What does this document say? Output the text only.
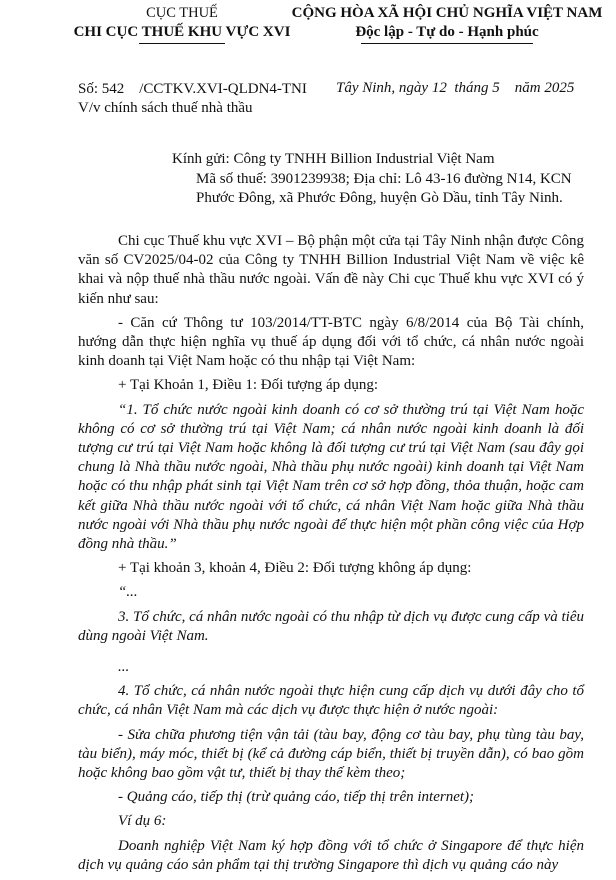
CỤC THUẾ
CHI CỤC THUẾ KHU VỰC XVI
CỘNG HÒA XÃ HỘI CHỦ NGHĨA VIỆT NAM
Độc lập - Tự do - Hạnh phúc
Số: 542    /CCTKV.XVI-QLDN4-TNI
V/v chính sách thuế nhà thầu
Tây Ninh, ngày 12  tháng 5    năm 2025
Kính gửi: Công ty TNHH Billion Industrial Việt Nam
Mã số thuế: 3901239938; Địa chỉ: Lô 43-16 đường N14, KCN
Phước Đông, xã Phước Đông, huyện Gò Dầu, tỉnh Tây Ninh.

Chi cục Thuế khu vực XVI – Bộ phận một cửa tại Tây Ninh nhận được Công văn số CV2025/04-02 của Công ty TNHH Billion Industrial Việt Nam về việc kê khai và nộp thuế nhà thầu nước ngoài. Vấn đề này Chi cục Thuế khu vực XVI có ý kiến như sau:

- Căn cứ Thông tư 103/2014/TT-BTC ngày 6/8/2014 của Bộ Tài chính, hướng dẫn thực hiện nghĩa vụ thuế áp dụng đối với tổ chức, cá nhân nước ngoài kinh doanh tại Việt Nam hoặc có thu nhập tại Việt Nam:

+ Tại Khoản 1, Điều 1: Đối tượng áp dụng:

“1. Tổ chức nước ngoài kinh doanh có cơ sở thường trú tại Việt Nam hoặc không có cơ sở thường trú tại Việt Nam; cá nhân nước ngoài kinh doanh là đối tượng cư trú tại Việt Nam hoặc không là đối tượng cư trú tại Việt Nam (sau đây gọi chung là Nhà thầu nước ngoài, Nhà thầu phụ nước ngoài) kinh doanh tại Việt Nam hoặc có thu nhập phát sinh tại Việt Nam trên cơ sở hợp đồng, thỏa thuận, hoặc cam kết giữa Nhà thầu nước ngoài với tổ chức, cá nhân Việt Nam hoặc giữa Nhà thầu nước ngoài với Nhà thầu phụ nước ngoài để thực hiện một phần công việc của Hợp đồng nhà thầu.”

+ Tại khoản 3, khoản 4, Điều 2: Đối tượng không áp dụng:

“...

3. Tổ chức, cá nhân nước ngoài có thu nhập từ dịch vụ được cung cấp và tiêu dùng ngoài Việt Nam.

...

4. Tổ chức, cá nhân nước ngoài thực hiện cung cấp dịch vụ dưới đây cho tổ chức, cá nhân Việt Nam mà các dịch vụ được thực hiện ở nước ngoài:

- Sửa chữa phương tiện vận tải (tàu bay, động cơ tàu bay, phụ tùng tàu bay, tàu biển), máy móc, thiết bị (kể cả đường cáp biển, thiết bị truyền dẫn), có bao gồm hoặc không bao gồm vật tư, thiết bị thay thế kèm theo;

- Quảng cáo, tiếp thị (trừ quảng cáo, tiếp thị trên internet);

Ví dụ 6:

Doanh nghiệp Việt Nam ký hợp đồng với tổ chức ở Singapore để thực hiện dịch vụ quảng cáo sản phẩm tại thị trường Singapore thì dịch vụ quảng cáo này
